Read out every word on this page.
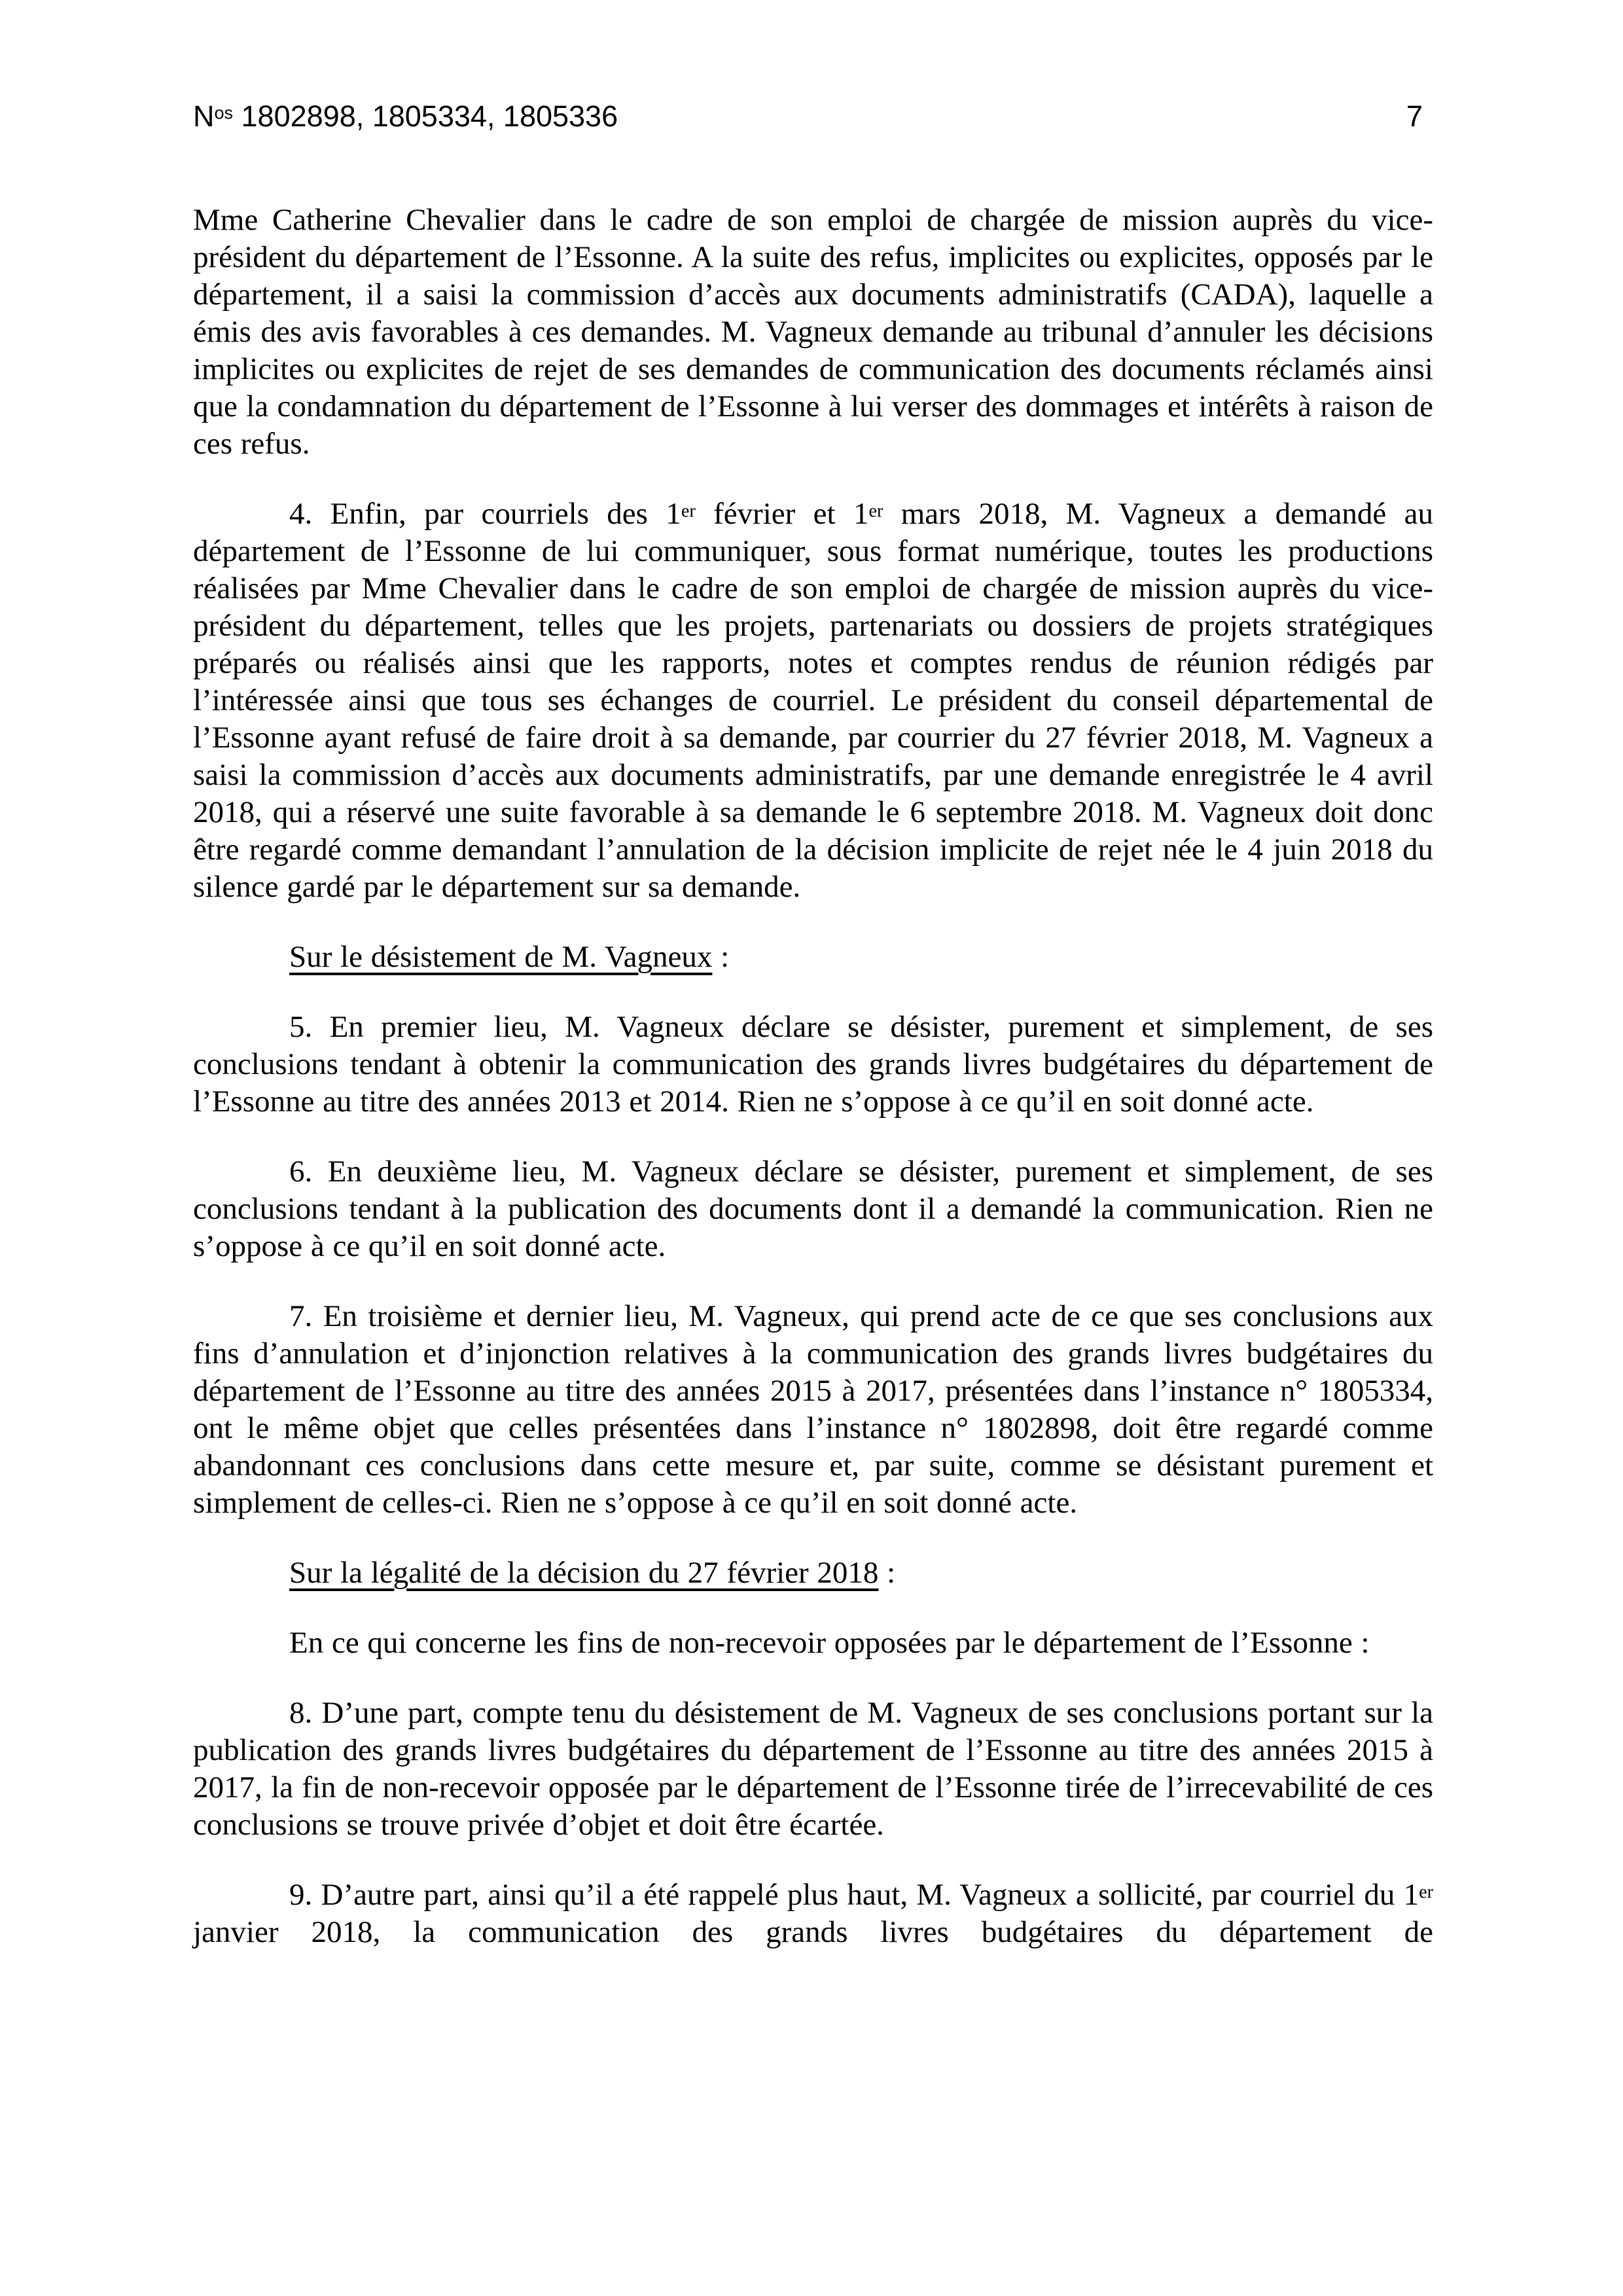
$N^{os}$ 1802898, 1805334, 1805336	7

Mme Catherine Chevalier dans le cadre de son emploi de chargée de mission auprès du vice-président du département de l’Essonne. A la suite des refus, implicites ou explicites, opposés par le département, il a saisi la commission d’accès aux documents administratifs (CADA), laquelle a émis des avis favorables à ces demandes. M. Vagneux demande au tribunal d’annuler les décisions implicites ou explicites de rejet de ses demandes de communication des documents réclamés ainsi que la condamnation du département de l’Essonne à lui verser des dommages et intérêts à raison de ces refus.

4. Enfin, par courriels des 1er février et 1er mars 2018, M. Vagneux a demandé au département de l’Essonne de lui communiquer, sous format numérique, toutes les productions réalisées par Mme Chevalier dans le cadre de son emploi de chargée de mission auprès du vice-président du département, telles que les projets, partenariats ou dossiers de projets stratégiques préparés ou réalisés ainsi que les rapports, notes et comptes rendus de réunion rédigés par l’intéressée ainsi que tous ses échanges de courriel. Le président du conseil départemental de l’Essonne ayant refusé de faire droit à sa demande, par courrier du 27 février 2018, M. Vagneux a saisi la commission d’accès aux documents administratifs, par une demande enregistrée le 4 avril 2018, qui a réservé une suite favorable à sa demande le 6 septembre 2018. M. Vagneux doit donc être regardé comme demandant l’annulation de la décision implicite de rejet née le 4 juin 2018 du silence gardé par le département sur sa demande.

Sur le désistement de M. Vagneux :

5. En premier lieu, M. Vagneux déclare se désister, purement et simplement, de ses conclusions tendant à obtenir la communication des grands livres budgétaires du département de l’Essonne au titre des années 2013 et 2014. Rien ne s’oppose à ce qu’il en soit donné acte.

6. En deuxième lieu, M. Vagneux déclare se désister, purement et simplement, de ses conclusions tendant à la publication des documents dont il a demandé la communication. Rien ne s’oppose à ce qu’il en soit donné acte.

7. En troisième et dernier lieu, M. Vagneux, qui prend acte de ce que ses conclusions aux fins d’annulation et d’injonction relatives à la communication des grands livres budgétaires du département de l’Essonne au titre des années 2015 à 2017, présentées dans l’instance n° 1805334, ont le même objet que celles présentées dans l’instance n° 1802898, doit être regardé comme abandonnant ces conclusions dans cette mesure et, par suite, comme se désistant purement et simplement de celles-ci. Rien ne s’oppose à ce qu’il en soit donné acte.

Sur la légalité de la décision du 27 février 2018 :

En ce qui concerne les fins de non-recevoir opposées par le département de l’Essonne :

8. D’une part, compte tenu du désistement de M. Vagneux de ses conclusions portant sur la publication des grands livres budgétaires du département de l’Essonne au titre des années 2015 à 2017, la fin de non-recevoir opposée par le département de l’Essonne tirée de l’irrecevabilité de ces conclusions se trouve privée d’objet et doit être écartée.

9. D’autre part, ainsi qu’il a été rappelé plus haut, M. Vagneux a sollicité, par courriel du 1er janvier 2018, la communication des grands livres budgétaires du département de
